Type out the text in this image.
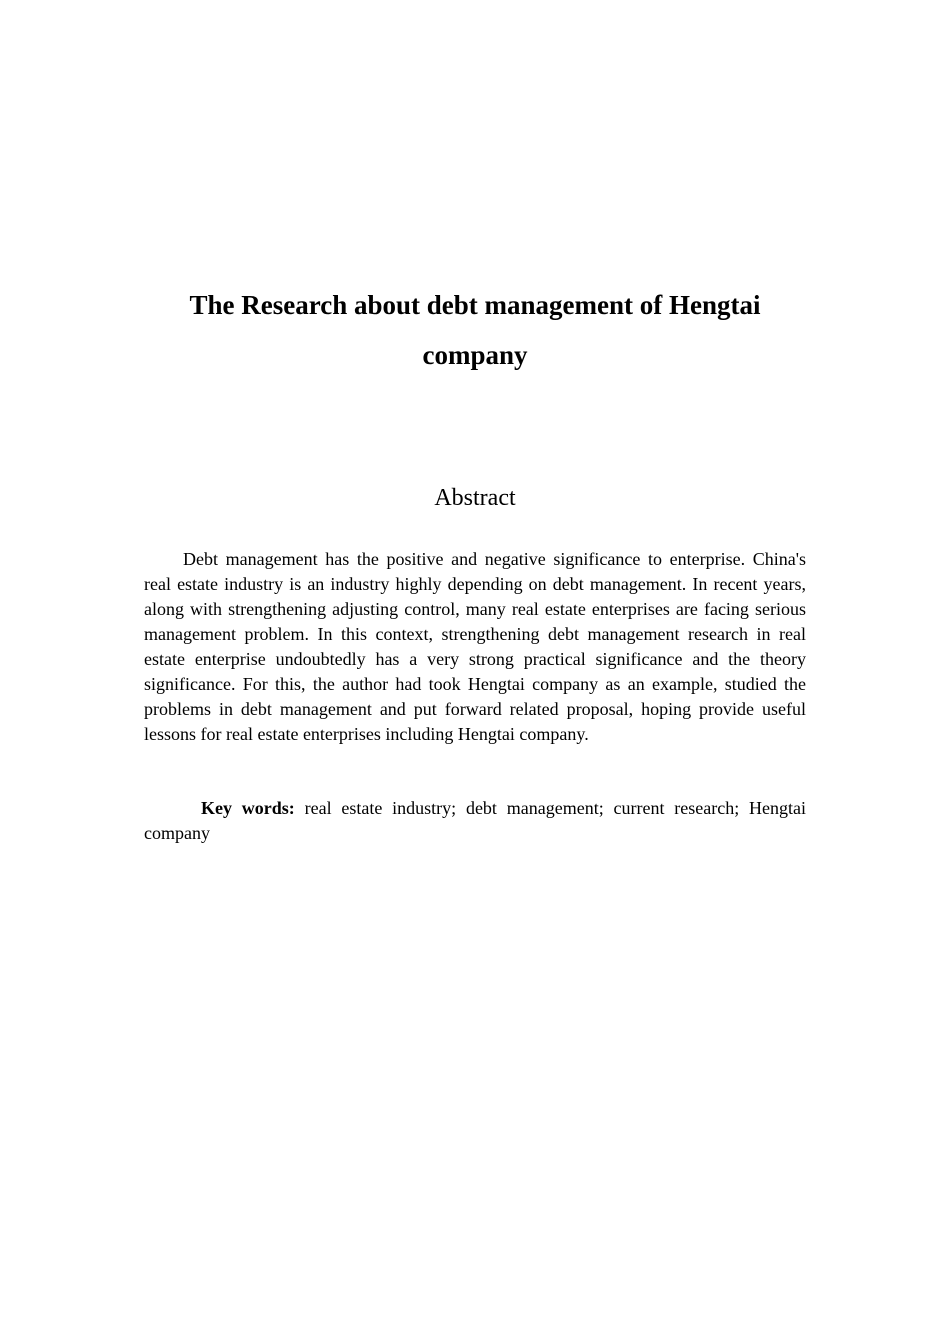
The Research about debt management of Hengtai
company
Abstract

Debt management has the positive and negative significance to enterprise. China's real estate industry is an industry highly depending on debt management. In recent years, along with strengthening adjusting control, many real estate enterprises are facing serious management problem. In this context, strengthening debt management research in real estate enterprise undoubtedly has a very strong practical significance and the theory significance. For this, the author had took Hengtai company as an example, studied the problems in debt management and put forward related proposal, hoping provide useful lessons for real estate enterprises including Hengtai company.

Key words: real estate industry; debt management; current research; Hengtai company
